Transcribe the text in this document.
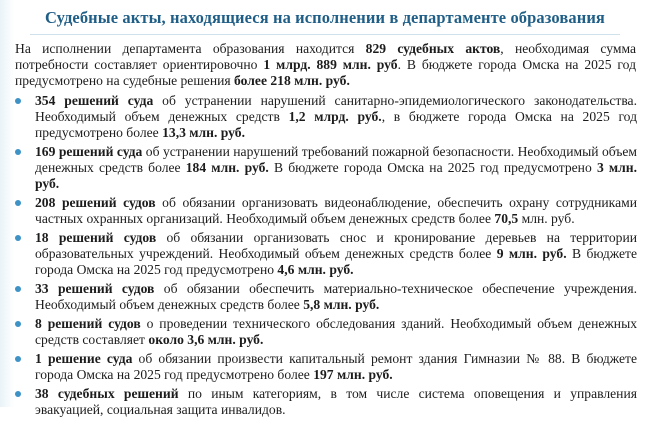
Судебные акты, находящиеся на исполнении в департаменте образования

На исполнении департамента образования находится 829 судебных актов, необходимая сумма потребности составляет ориентировочно 1 млрд. 889 млн. руб. В бюджете города Омска на 2025 год предусмотрено на судебные решения более 218 млн. руб.

354 решений суда об устранении нарушений санитарно-эпидемиологического законодательства. Необходимый объем денежных средств 1,2 млрд. руб., в бюджете города Омска на 2025 год предусмотрено более 13,3 млн. руб.
169 решений суда об устранении нарушений требований пожарной безопасности. Необходимый объем денежных средств более 184 млн. руб. В бюджете города Омска на 2025 год предусмотрено 3 млн. руб.
208 решений судов об обязании организовать видеонаблюдение, обеспечить охрану сотрудниками частных охранных организаций. Необходимый объем денежных средств более 70,5 млн. руб.
18 решений судов об обязании организовать снос и кронирование деревьев на территории образовательных учреждений. Необходимый объем денежных средств более 9 млн. руб. В бюджете города Омска на 2025 год предусмотрено 4,6 млн. руб.
33 решений судов об обязании обеспечить материально-техническое обеспечение учреждения. Необходимый объем денежных средств более 5,8 млн. руб.
8 решений судов о проведении технического обследования зданий. Необходимый объем денежных средств составляет около 3,6 млн. руб.
1 решение суда об обязании произвести капитальный ремонт здания Гимназии № 88. В бюджете города Омска на 2025 год предусмотрено более 197 млн. руб.
38 судебных решений по иным категориям, в том числе система оповещения и управления эвакуацией, социальная защита инвалидов.
